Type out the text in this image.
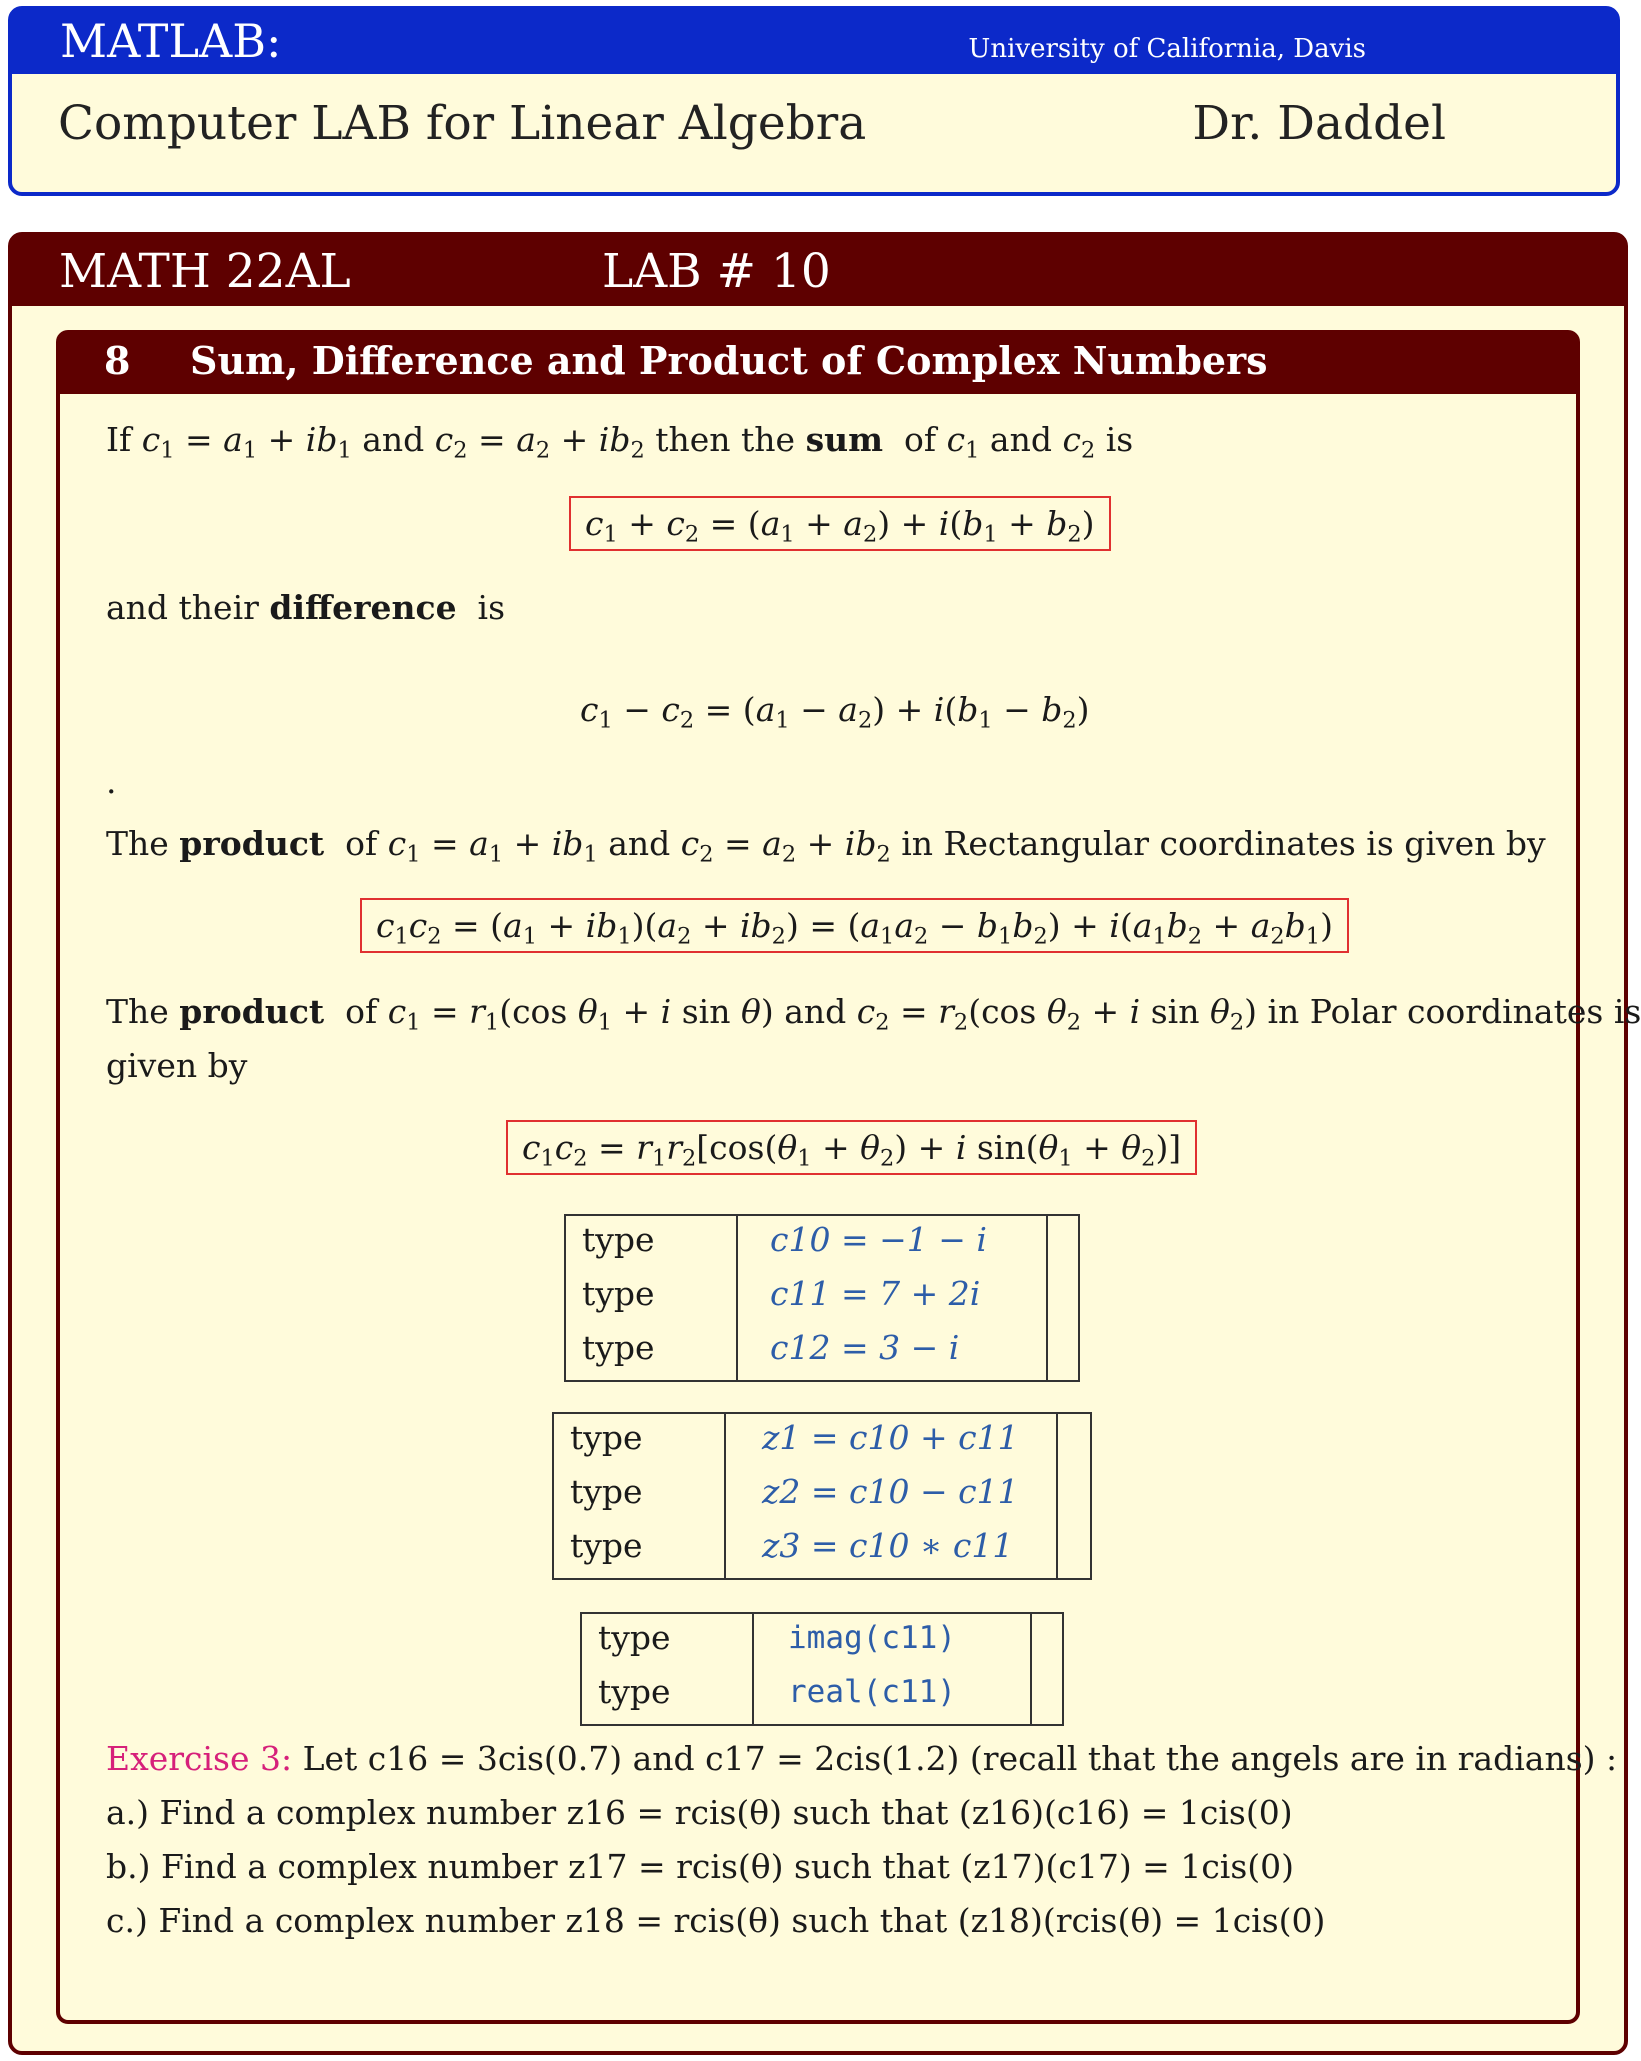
MATLAB:	University of California, Davis
Computer LAB for Linear Algebra	Dr. Daddel
MATH 22AL	LAB # 10
8 Sum, Difference and Product of Complex Numbers
If $c_1 = a_1 + ib_1$ and $c_2 = a_2 + ib_2$ then the sum  of $c_1$ and $c_2$ is
$c_1 + c_2 = (a_1 + a_2) + i(b_1 + b_2)$
and their difference  is
$c_1 - c_2 = (a_1 - a_2) + i(b_1 - b_2)$
.
The product  of $c_1 = a_1 + ib_1$ and $c_2 = a_2 + ib_2$ in Rectangular coordinates is given by
$c_1c_2 = (a_1 + ib_1)(a_2 + ib_2) = (a_1a_2 - b_1b_2) + i(a_1b_2 + a_2b_1)$
The product  of $c_1 = r_1(\cos$ $\theta_1 + i$ sin θ) and $c_2 = r_2(\cos$ $\theta_2 + i$ $\sin \theta_2$) in Polar coordinates is
given by
$c_1c_2 = r_1r_2[\cos(\theta_1 + \theta_2) + i$ $\sin(\theta_1 + \theta_2)$]
type	c10 = −1 − i
type	c11 = 7 + 2i
type	c12 = 3 − i
type	z1 = c10 + c11
type	z2 = c10 − c11
type	z3 = c10 ∗ c11
type	imag(c11)
type	real(c11)
Exercise 3: Let c16 = 3cis(0.7) and c17 = 2cis(1.2) (recall that the angels are in radians) :
a.) Find a complex number z16 = rcis(θ) such that (z16)(c16) = 1cis(0)
b.) Find a complex number z17 = rcis(θ) such that (z17)(c17) = 1cis(0)
c.) Find a complex number z18 = rcis(θ) such that (z18)(rcis(θ) = 1cis(0)
